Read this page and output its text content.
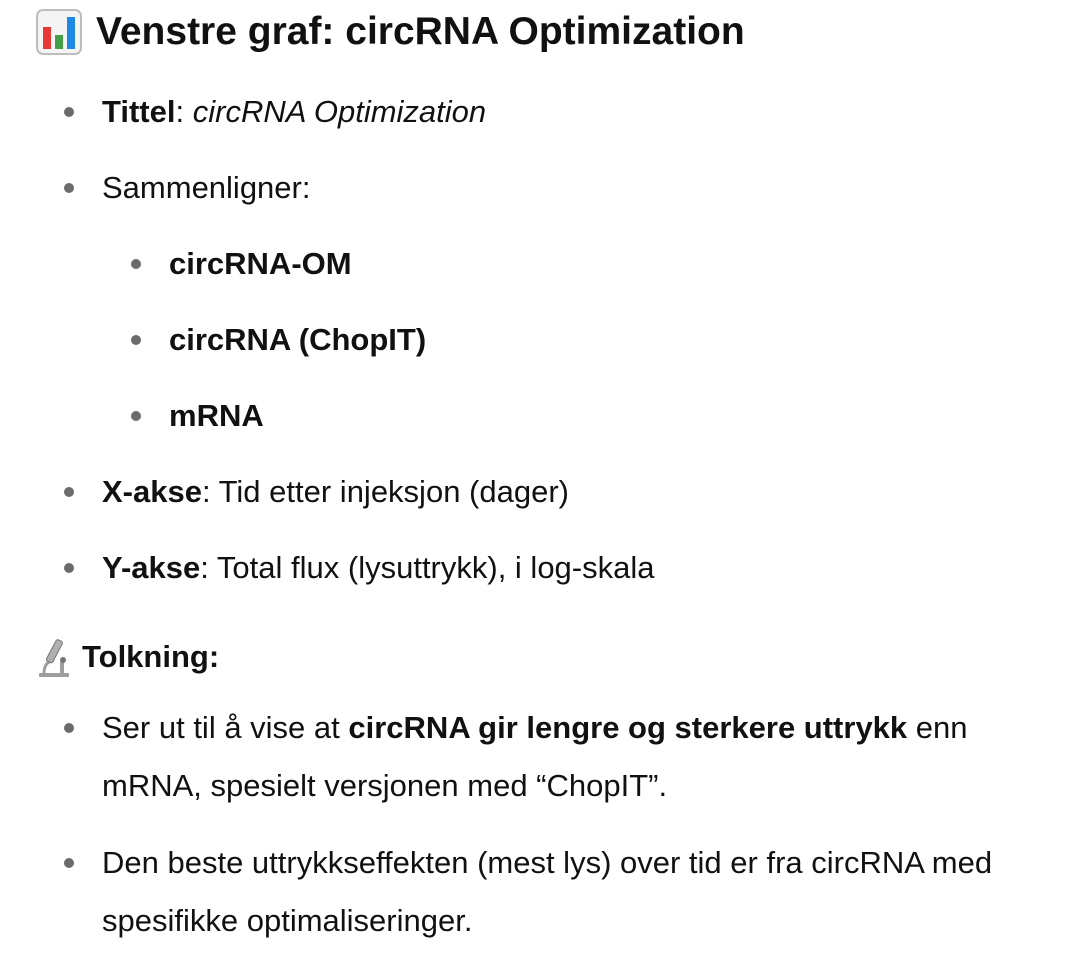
Venstre graf: circRNA Optimization
Tittel: circRNA Optimization
Sammenligner:
circRNA-OM
circRNA (ChopIT)
mRNA
X-akse: Tid etter injeksjon (dager)
Y-akse: Total flux (lysuttrykk), i log-skala
Tolkning:
Ser ut til å vise at circRNA gir lengre og sterkere uttrykk enn mRNA, spesielt versjonen med “ChopIT”.
Den beste uttrykkseffekten (mest lys) over tid er fra circRNA med spesifikke optimaliseringer.
